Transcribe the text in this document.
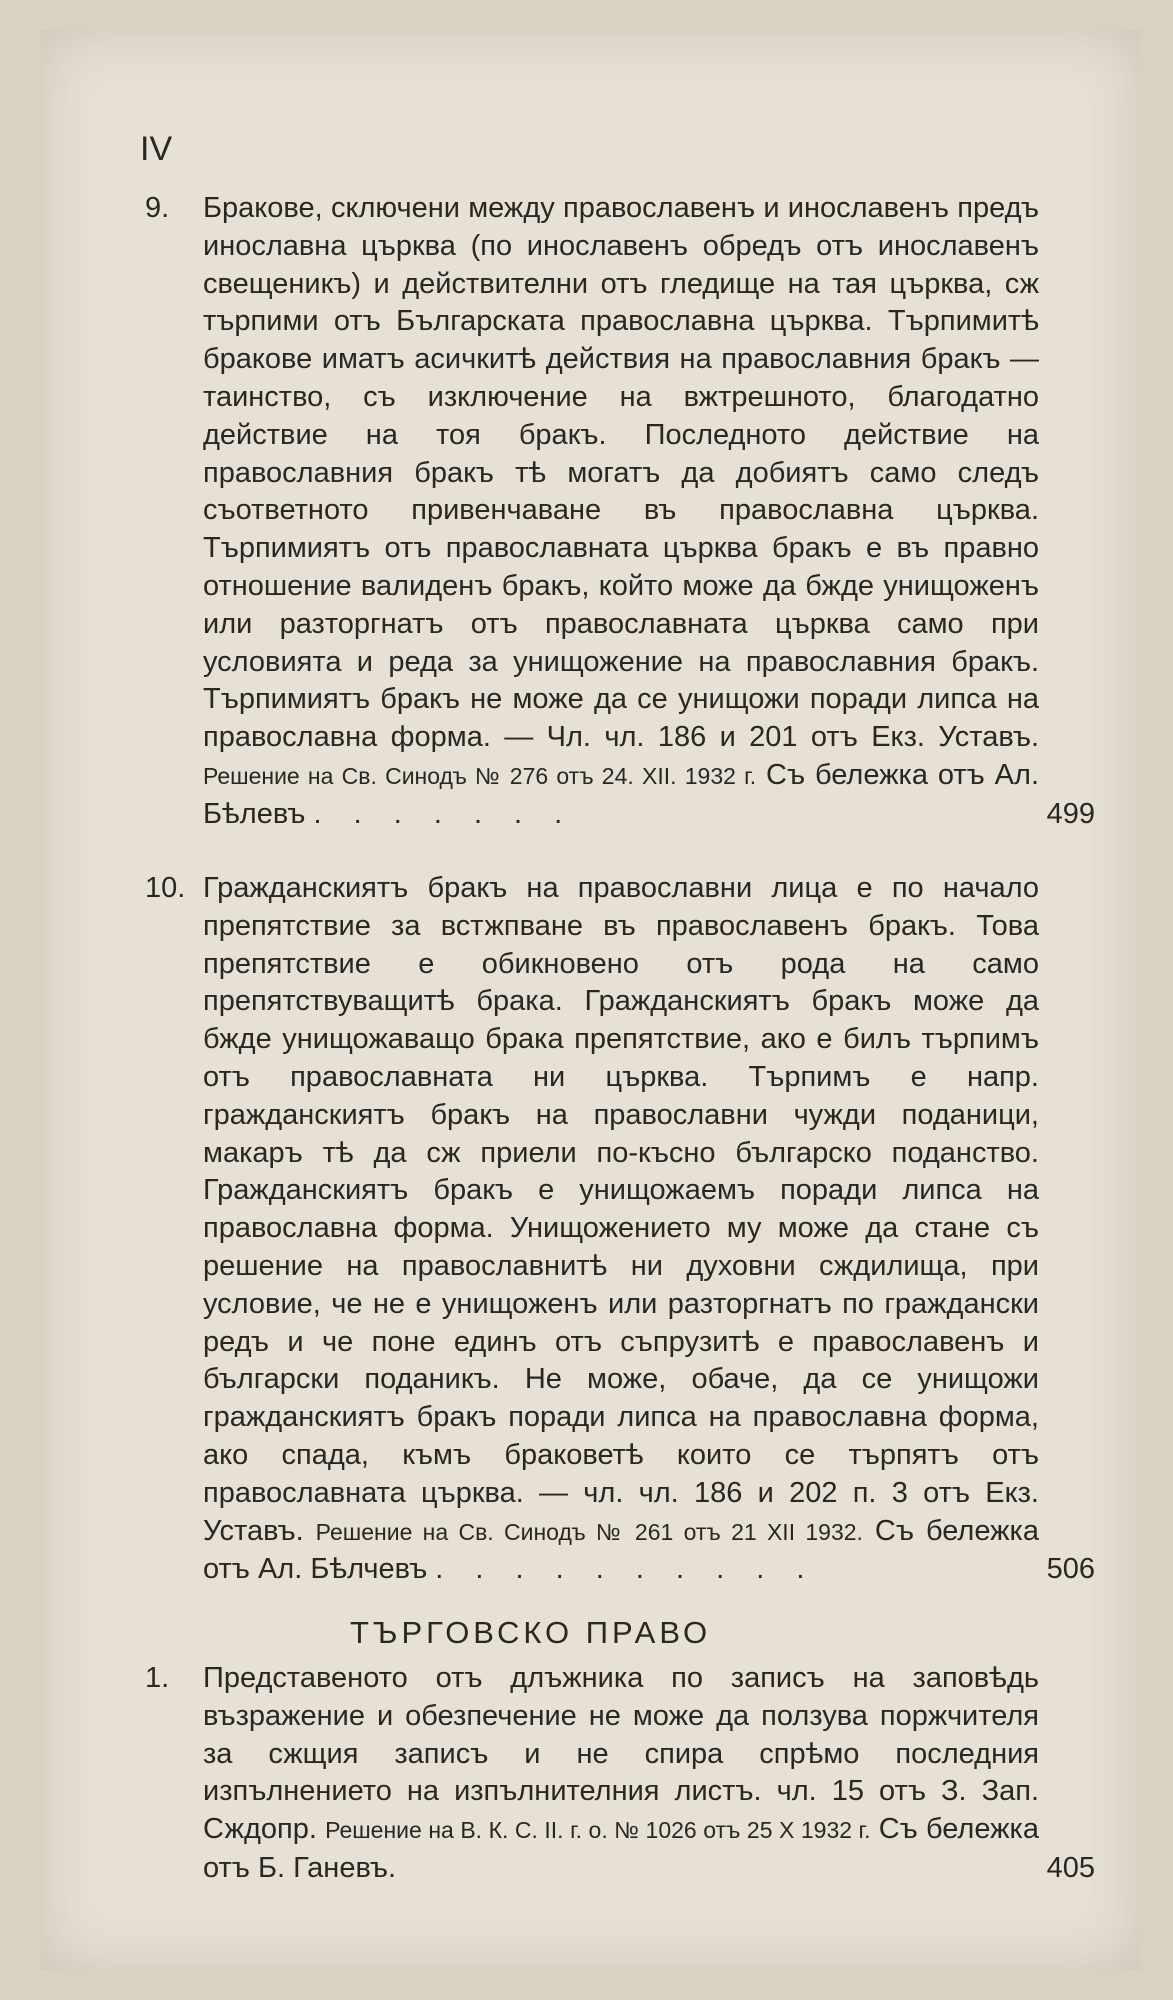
IV
9.	Бракове, сключени между православенъ и инославенъ предъ инославна църква (по инославенъ обредъ отъ инославенъ свещеникъ) и действителни отъ гледище на тая църква, сж търпими отъ Българската православна църква. Търпимитѣ бракове иматъ асичкитѣ действия на православния бракъ — таинство, съ изключение на вжтрешното, благодатно действие на тоя бракъ. Последното действие на православния бракъ тѣ могатъ да добиятъ само следъ съответното привенчаване въ православна църква. Търпимиятъ отъ православната църква бракъ е въ правно отношение валиденъ бракъ, който може да бжде унищоженъ или разторгнатъ отъ православната църква само при условията и реда за унищожение на православния бракъ. Търпимиятъ бракъ не може да се унищожи поради липса на православна форма. — Чл. чл. 186 и 201 отъ Екз. Уставъ. Решение на Св. Синодъ № 276 отъ 24. XII. 1932 г. Съ бележка отъ Ал. Бѣлевъ . . . . . . .	499
10. Гражданскиятъ бракъ на православни лица е по начало препятствие за встжпване въ православенъ бракъ. Това препятствие е обикновено отъ рода на само препятствуващитѣ брака. Гражданскиятъ бракъ може да бжде унищожаващо брака препятствие, ако е билъ търпимъ отъ православната ни църква. Търпимъ е напр. гражданскиятъ бракъ на православни чужди поданици, макаръ тѣ да сж приели по-късно българско поданство. Гражданскиятъ бракъ е унищожаемъ поради липса на православна форма. Унищожението му може да стане съ решение на православнитѣ ни духовни сждилища, при условие, че не е унищоженъ или разторгнатъ по граждански редъ и че поне единъ отъ съпрузитѣ е православенъ и български поданикъ. Не може, обаче, да се унищожи гражданскиятъ бракъ поради липса на православна форма, ако спада, къмъ браковетѣ които се търпятъ отъ православната църква. — чл. чл. 186 и 202 п. 3 отъ Екз. Уставъ. Решение на Св. Синодъ № 261 отъ 21 XII 1932. Съ бележка отъ Ал. Бѣлчевъ . . . . . . . . . .	506
ТЪРГОВСКО ПРАВО
1.	Представеното отъ длъжника по записъ на заповѣдь възражение и обезпечение не може да ползува поржчителя за сжщия записъ и не спира спрѣмо последния изпълнението на изпълнителния листъ. чл. 15 отъ З. Зап. Сждопр. Решение на В. К. С. II. г. о. № 1026 отъ 25 X 1932 г. Съ бележка отъ Б. Ганевъ.	405
